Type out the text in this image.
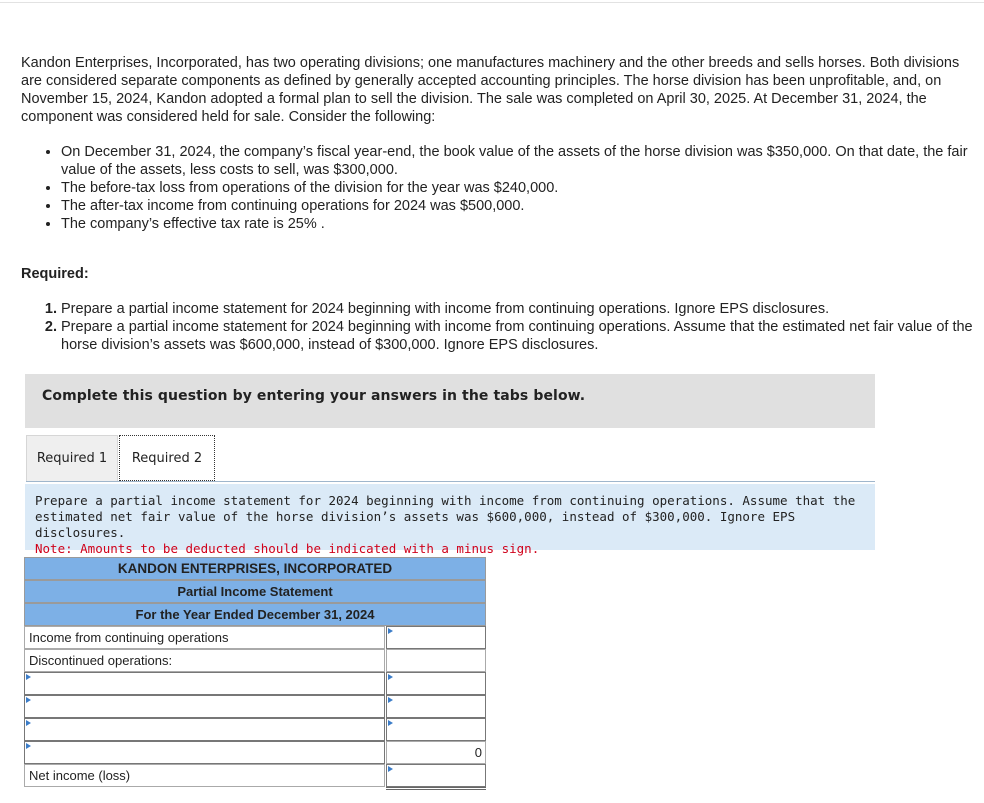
Kandon Enterprises, Incorporated, has two operating divisions; one manufactures machinery and the other breeds and sells horses. Both divisions are considered separate components as defined by generally accepted accounting principles. The horse division has been unprofitable, and, on November 15, 2024, Kandon adopted a formal plan to sell the division. The sale was completed on April 30, 2025. At December 31, 2024, the component was considered held for sale. Consider the following:
• On December 31, 2024, the company’s fiscal year-end, the book value of the assets of the horse division was $350,000. On that date, the fair value of the assets, less costs to sell, was $300,000.
• The before-tax loss from operations of the division for the year was $240,000.
• The after-tax income from continuing operations for 2024 was $500,000.
• The company’s effective tax rate is 25% .
Required:
1. Prepare a partial income statement for 2024 beginning with income from continuing operations. Ignore EPS disclosures.
2. Prepare a partial income statement for 2024 beginning with income from continuing operations. Assume that the estimated net fair value of the horse division’s assets was $600,000, instead of $300,000. Ignore EPS disclosures.
Complete this question by entering your answers in the tabs below.
Required 1	Required 2
Prepare a partial income statement for 2024 beginning with income from continuing operations. Assume that the estimated net fair value of the horse division’s assets was $600,000, instead of $300,000. Ignore EPS disclosures.
Note: Amounts to be deducted should be indicated with a minus sign.
KANDON ENTERPRISES, INCORPORATED
Partial Income Statement
For the Year Ended December 31, 2024
Income from continuing operations
Discontinued operations:
0
Net income (loss)
